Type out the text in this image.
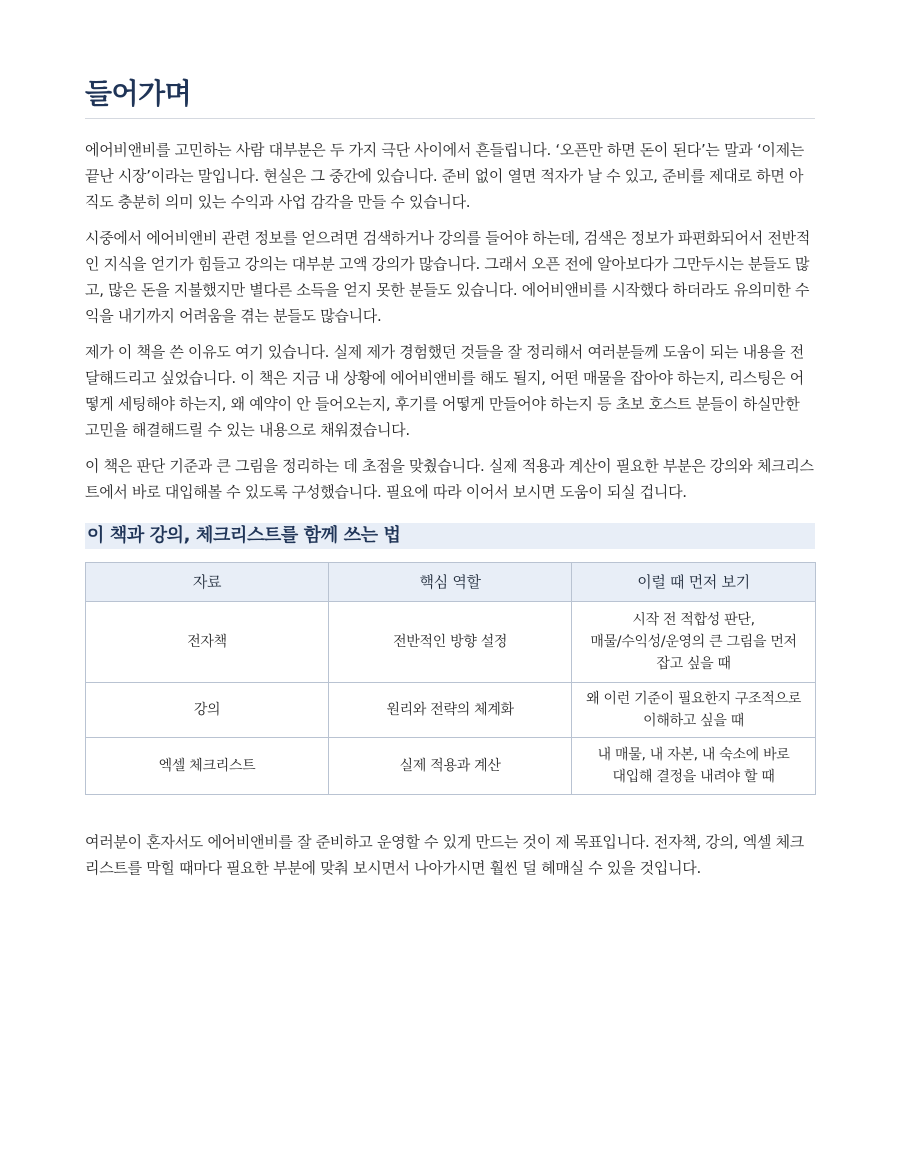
들어가며

에어비앤비를 고민하는 사람 대부분은 두 가지 극단 사이에서 흔들립니다. ‘오픈만 하면 돈이 된다’는 말과 ‘이제는 끝난 시장’이라는 말입니다. 현실은 그 중간에 있습니다. 준비 없이 열면 적자가 날 수 있고, 준비를 제대로 하면 아직도 충분히 의미 있는 수익과 사업 감각을 만들 수 있습니다.

시중에서 에어비앤비 관련 정보를 얻으려면 검색하거나 강의를 들어야 하는데, 검색은 정보가 파편화되어서 전반적인 지식을 얻기가 힘들고 강의는 대부분 고액 강의가 많습니다. 그래서 오픈 전에 알아보다가 그만두시는 분들도 많고, 많은 돈을 지불했지만 별다른 소득을 얻지 못한 분들도 있습니다. 에어비앤비를 시작했다 하더라도 유의미한 수익을 내기까지 어려움을 겪는 분들도 많습니다.

제가 이 책을 쓴 이유도 여기 있습니다. 실제 제가 경험했던 것들을 잘 정리해서 여러분들께 도움이 되는 내용을 전달해드리고 싶었습니다. 이 책은 지금 내 상황에 에어비앤비를 해도 될지, 어떤 매물을 잡아야 하는지, 리스팅은 어떻게 세팅해야 하는지, 왜 예약이 안 들어오는지, 후기를 어떻게 만들어야 하는지 등 초보 호스트 분들이 하실만한 고민을 해결해드릴 수 있는 내용으로 채워졌습니다.

이 책은 판단 기준과 큰 그림을 정리하는 데 초점을 맞췄습니다. 실제 적용과 계산이 필요한 부분은 강의와 체크리스트에서 바로 대입해볼 수 있도록 구성했습니다. 필요에 따라 이어서 보시면 도움이 되실 겁니다.

이 책과 강의, 체크리스트를 함께 쓰는 법
자료	핵심 역할	이럴 때 먼저 보기
전자책	전반적인 방향 설정	시작 전 적합성 판단,
매물/수익성/운영의 큰 그림을 먼저
잡고 싶을 때
강의	원리와 전략의 체계화	왜 이런 기준이 필요한지 구조적으로
이해하고 싶을 때
엑셀 체크리스트	실제 적용과 계산	내 매물, 내 자본, 내 숙소에 바로
대입해 결정을 내려야 할 때

여러분이 혼자서도 에어비앤비를 잘 준비하고 운영할 수 있게 만드는 것이 제 목표입니다. 전자책, 강의, 엑셀 체크리스트를 막힐 때마다 필요한 부분에 맞춰 보시면서 나아가시면 훨씬 덜 헤매실 수 있을 것입니다.
